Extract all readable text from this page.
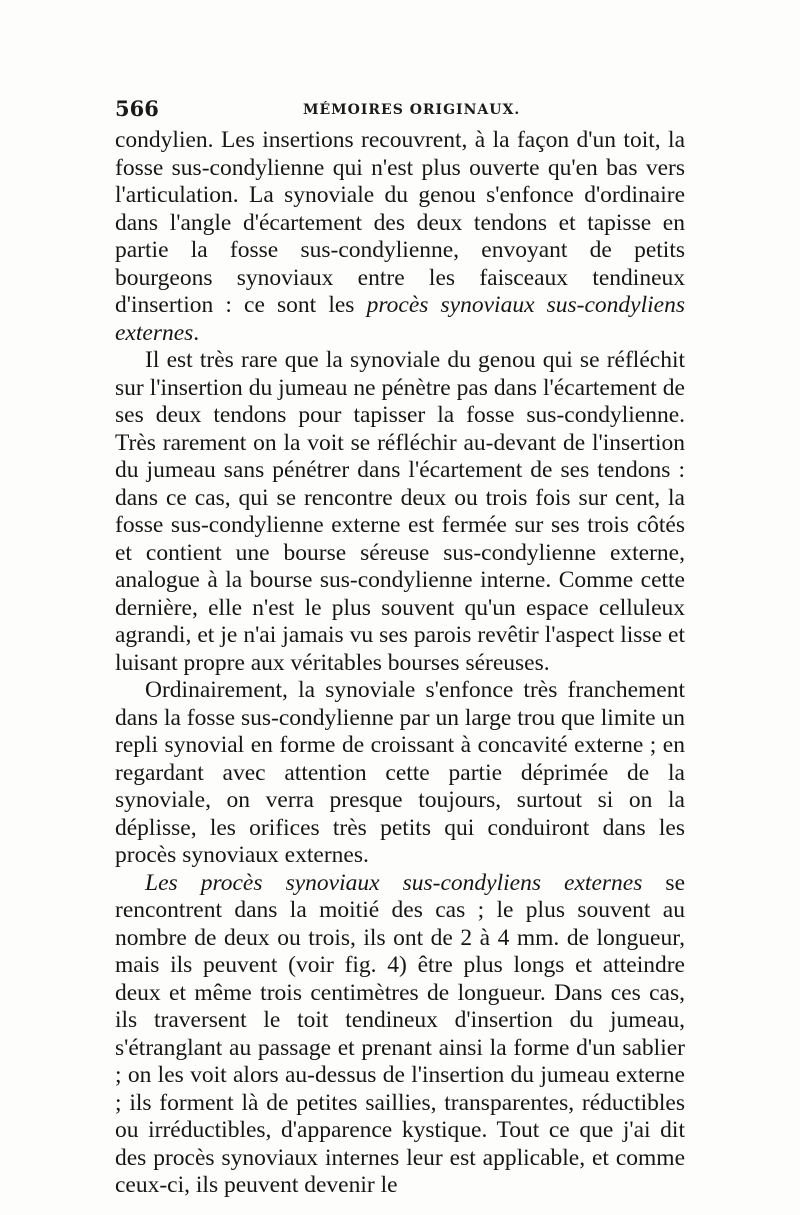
566	MÉMOIRES ORIGINAUX.

condylien. Les insertions recouvrent, à la façon d'un toit, la fosse sus-condylienne qui n'est plus ouverte qu'en bas vers l'articulation. La synoviale du genou s'enfonce d'ordinaire dans l'angle d'écartement des deux tendons et tapisse en partie la fosse sus-condylienne, envoyant de petits bourgeons synoviaux entre les faisceaux tendineux d'insertion : ce sont les procès synoviaux sus-condyliens externes.

Il est très rare que la synoviale du genou qui se réfléchit sur l'insertion du jumeau ne pénètre pas dans l'écartement de ses deux tendons pour tapisser la fosse sus-condylienne. Très rarement on la voit se réfléchir au-devant de l'insertion du jumeau sans pénétrer dans l'écartement de ses tendons : dans ce cas, qui se rencontre deux ou trois fois sur cent, la fosse sus-condylienne externe est fermée sur ses trois côtés et contient une bourse séreuse sus-condylienne externe, analogue à la bourse sus-condylienne interne. Comme cette dernière, elle n'est le plus souvent qu'un espace celluleux agrandi, et je n'ai jamais vu ses parois revêtir l'aspect lisse et luisant propre aux véritables bourses séreuses.

Ordinairement, la synoviale s'enfonce très franchement dans la fosse sus-condylienne par un large trou que limite un repli synovial en forme de croissant à concavité externe ; en regardant avec attention cette partie déprimée de la synoviale, on verra presque toujours, surtout si on la déplisse, les orifices très petits qui conduiront dans les procès synoviaux externes.

Les procès synoviaux sus-condyliens externes se rencontrent dans la moitié des cas ; le plus souvent au nombre de deux ou trois, ils ont de 2 à 4 mm. de longueur, mais ils peuvent (voir fig. 4) être plus longs et atteindre deux et même trois centimètres de longueur. Dans ces cas, ils traversent le toit tendineux d'insertion du jumeau, s'étranglant au passage et prenant ainsi la forme d'un sablier ; on les voit alors au-dessus de l'insertion du jumeau externe ; ils forment là de petites saillies, transparentes, réductibles ou irréductibles, d'apparence kystique. Tout ce que j'ai dit des procès synoviaux internes leur est applicable, et comme ceux-ci, ils peuvent devenir le
